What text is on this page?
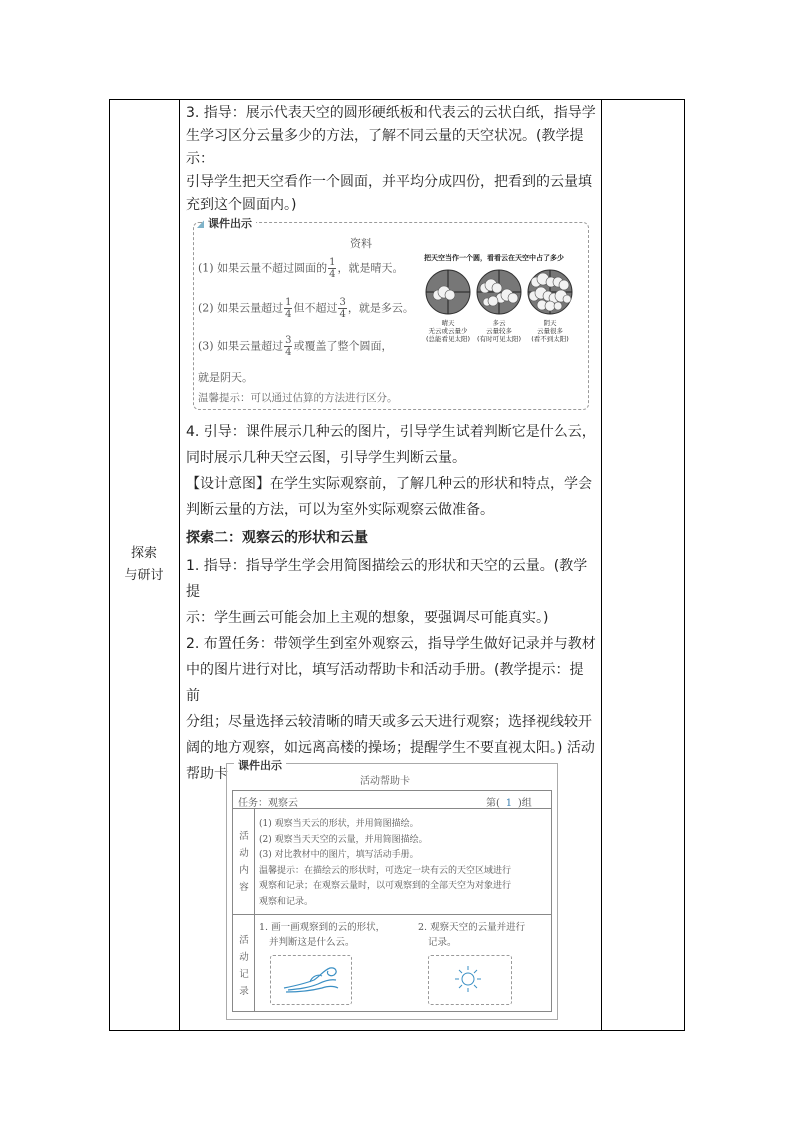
探索
与研讨
3. 指导：展示代表天空的圆形硬纸板和代表云的云状白纸，指导学
生学习区分云量多少的方法，了解不同云量的天空状况。(教学提示：
引导学生把天空看作一个圆面，并平均分成四份，把看到的云量填
充到这个圆面内。)
课件出示
资料
(1) 如果云量不超过圆面的 $\frac{1}{4}$ ，就是晴天。
(2) 如果云量超过 $\frac{1}{4}$ 但不超过 $\frac{3}{4}$ ，就是多云。
(3) 如果云量超过 $\frac{3}{4}$ 或覆盖了整个圆面，
就是阴天。
温馨提示：可以通过估算的方法进行区分。
把天空当作一个圆，看看云在天空中占了多少
晴天
无云或云量少
(总能看见太阳)
多云
云量较多
(有时可见太阳)
阴天
云量很多
(看不到太阳)
4. 引导：课件展示几种云的图片，引导学生试着判断它是什么云，
同时展示几种天空云图，引导学生判断云量。
【设计意图】在学生实际观察前，了解几种云的形状和特点，学会
判断云量的方法，可以为室外实际观察云做准备。
探索二：观察云的形状和云量
1. 指导：指导学生学会用简图描绘云的形状和天空的云量。(教学提
示：学生画云可能会加上主观的想象，要强调尽可能真实。)
2. 布置任务：带领学生到室外观察云，指导学生做好记录并与教材
中的图片进行对比，填写活动帮助卡和活动手册。(教学提示：提前
分组；尽量选择云较清晰的晴天或多云天进行观察；选择视线较开
阔的地方观察，如远离高楼的操场；提醒学生不要直视太阳。) 活动
帮助卡
课件出示
活动帮助卡
任务：观察云	第( 1 )组
活
动
内
容
(1) 观察当天云的形状，并用简图描绘。
(2) 观察当天天空的云量，并用简图描绘。
(3) 对比教材中的图片，填写活动手册。
温馨提示：在描绘云的形状时，可选定一块有云的天空区域进行
观察和记录；在观察云量时，以可观察到的全部天空为对象进行
观察和记录。
活
动
记
录
1. 画一画观察到的云的形状，
并判断这是什么云。
2. 观察天空的云量并进行
记录。
